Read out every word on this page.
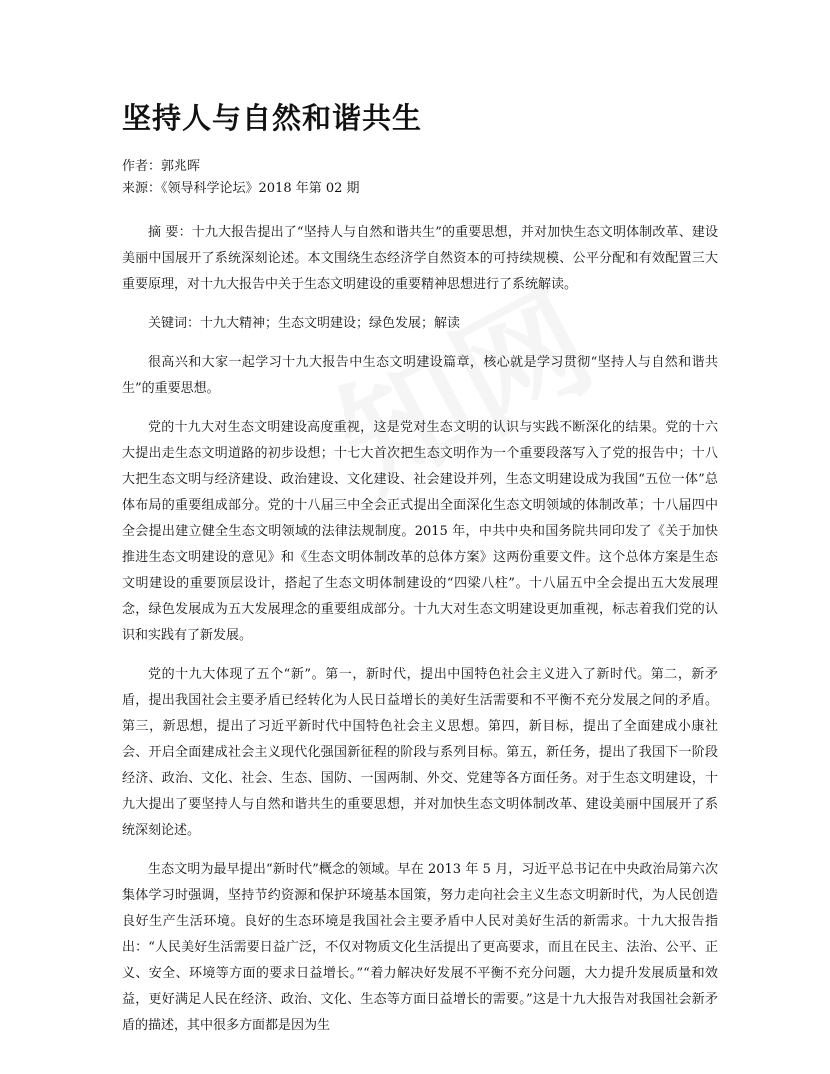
坚持人与自然和谐共生

作者：郭兆晖

来源：《领导科学论坛》2018 年第 02 期

摘 要：十九大报告提出了“坚持人与自然和谐共生”的重要思想，并对加快生态文明体制改革、建设美丽中国展开了系统深刻论述。本文围绕生态经济学自然资本的可持续规模、公平分配和有效配置三大重要原理，对十九大报告中关于生态文明建设的重要精神思想进行了系统解读。

关键词：十九大精神；生态文明建设；绿色发展；解读

很高兴和大家一起学习十九大报告中生态文明建设篇章，核心就是学习贯彻“坚持人与自然和谐共生”的重要思想。

党的十九大对生态文明建设高度重视，这是党对生态文明的认识与实践不断深化的结果。党的十六大提出走生态文明道路的初步设想；十七大首次把生态文明作为一个重要段落写入了党的报告中；十八大把生态文明与经济建设、政治建设、文化建设、社会建设并列，生态文明建设成为我国“五位一体”总体布局的重要组成部分。党的十八届三中全会正式提出全面深化生态文明领域的体制改革；十八届四中全会提出建立健全生态文明领域的法律法规制度。2015 年，中共中央和国务院共同印发了《关于加快推进生态文明建设的意见》和《生态文明体制改革的总体方案》这两份重要文件。这个总体方案是生态文明建设的重要顶层设计，搭起了生态文明体制建设的“四梁八柱”。十八届五中全会提出五大发展理念，绿色发展成为五大发展理念的重要组成部分。十九大对生态文明建设更加重视，标志着我们党的认识和实践有了新发展。

党的十九大体现了五个“新”。第一，新时代，提出中国特色社会主义进入了新时代。第二，新矛盾，提出我国社会主要矛盾已经转化为人民日益增长的美好生活需要和不平衡不充分发展之间的矛盾。第三，新思想，提出了习近平新时代中国特色社会主义思想。第四，新目标，提出了全面建成小康社会、开启全面建成社会主义现代化强国新征程的阶段与系列目标。第五，新任务，提出了我国下一阶段经济、政治、文化、社会、生态、国防、一国两制、外交、党建等各方面任务。对于生态文明建设，十九大提出了要坚持人与自然和谐共生的重要思想，并对加快生态文明体制改革、建设美丽中国展开了系统深刻论述。

生态文明为最早提出“新时代”概念的领域。早在 2013 年 5 月，习近平总书记在中央政治局第六次集体学习时强调，坚持节约资源和保护环境基本国策，努力走向社会主义生态文明新时代，为人民创造良好生产生活环境。良好的生态环境是我国社会主要矛盾中人民对美好生活的新需求。十九大报告指出：“人民美好生活需要日益广泛，不仅对物质文化生活提出了更高要求，而且在民主、法治、公平、正义、安全、环境等方面的要求日益增长。”“着力解决好发展不平衡不充分问题，大力提升发展质量和效益，更好满足人民在经济、政治、文化、生态等方面日益增长的需要。”这是十九大报告对我国社会新矛盾的描述，其中很多方面都是因为生
